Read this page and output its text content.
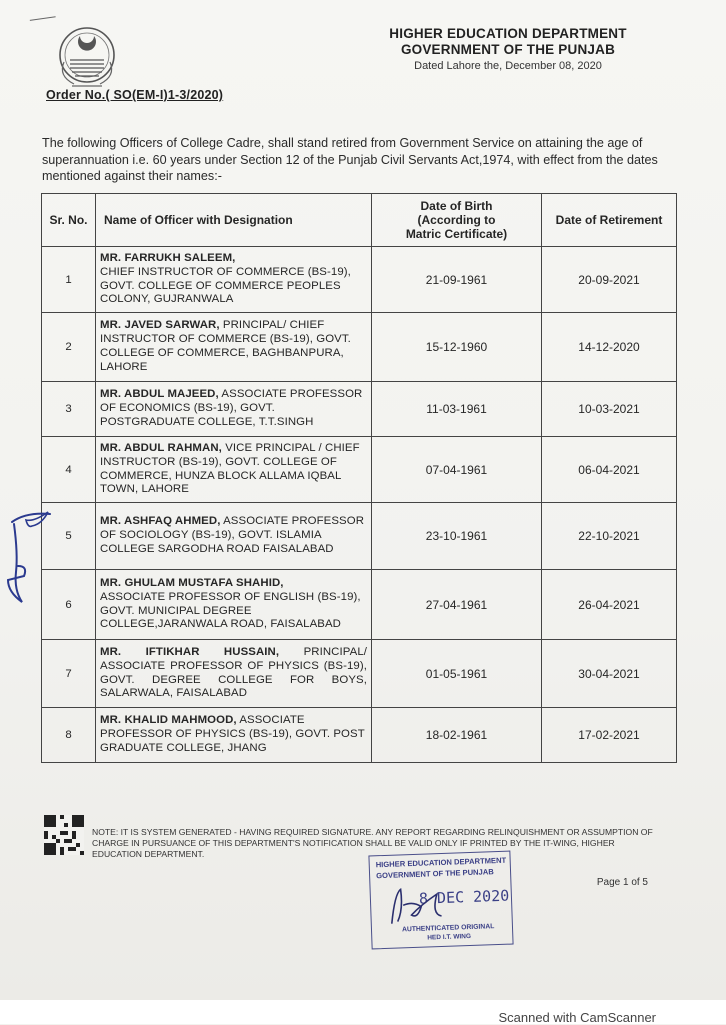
HIGHER EDUCATION DEPARTMENT
GOVERNMENT OF THE PUNJAB
Dated Lahore the, December 08, 2020
Order No.( SO(EM-I)1-3/2020)
The following Officers of College Cadre, shall stand retired from Government Service on attaining the age of superannuation i.e. 60 years under Section 12 of the Punjab Civil Servants Act,1974, with effect from the dates mentioned against their names:-
Sr. No.	Name of Officer with Designation	Date of Birth
(According to
Matric Certificate)	Date of Retirement
1	MR. FARRUKH SALEEM,
CHIEF INSTRUCTOR OF COMMERCE (BS-19), GOVT. COLLEGE OF COMMERCE PEOPLES COLONY, GUJRANWALA	21-09-1961	20-09-2021
2	MR. JAVED SARWAR, PRINCIPAL/ CHIEF INSTRUCTOR OF COMMERCE (BS-19), GOVT. COLLEGE OF COMMERCE, BAGHBANPURA, LAHORE	15-12-1960	14-12-2020
3	MR. ABDUL MAJEED, ASSOCIATE PROFESSOR OF ECONOMICS (BS-19), GOVT. POSTGRADUATE COLLEGE, T.T.SINGH	11-03-1961	10-03-2021
4	MR. ABDUL RAHMAN, VICE PRINCIPAL / CHIEF INSTRUCTOR (BS-19), GOVT. COLLEGE OF COMMERCE, HUNZA BLOCK ALLAMA IQBAL TOWN, LAHORE	07-04-1961	06-04-2021
5	MR. ASHFAQ AHMED, ASSOCIATE PROFESSOR OF SOCIOLOGY (BS-19), GOVT. ISLAMIA COLLEGE SARGODHA ROAD FAISALABAD	23-10-1961	22-10-2021
6	MR. GHULAM MUSTAFA SHAHID,
ASSOCIATE PROFESSOR OF ENGLISH (BS-19), GOVT. MUNICIPAL DEGREE COLLEGE,JARANWALA ROAD, FAISALABAD	27-04-1961	26-04-2021
7	MR. IFTIKHAR HUSSAIN, PRINCIPAL/ ASSOCIATE PROFESSOR OF PHYSICS (BS-19), GOVT. DEGREE COLLEGE FOR BOYS, SALARWALA, FAISALABAD	01-05-1961	30-04-2021
8	MR. KHALID MAHMOOD, ASSOCIATE PROFESSOR OF PHYSICS (BS-19), GOVT. POST GRADUATE COLLEGE, JHANG	18-02-1961	17-02-2021
NOTE: IT IS SYSTEM GENERATED - HAVING REQUIRED SIGNATURE. ANY REPORT REGARDING RELINQUISHMENT OR ASSUMPTION OF CHARGE IN PURSUANCE OF THIS DEPARTMENT'S NOTIFICATION SHALL BE VALID ONLY IF PRINTED BY THE IT-WING, HIGHER EDUCATION DEPARTMENT.
Page 1 of 5
HIGHER EDUCATION DEPARTMENT
GOVERNMENT OF THE PUNJAB
8 DEC 2020
AUTHENTICATED ORIGINAL
HED I.T. WING
Scanned with CamScanner
